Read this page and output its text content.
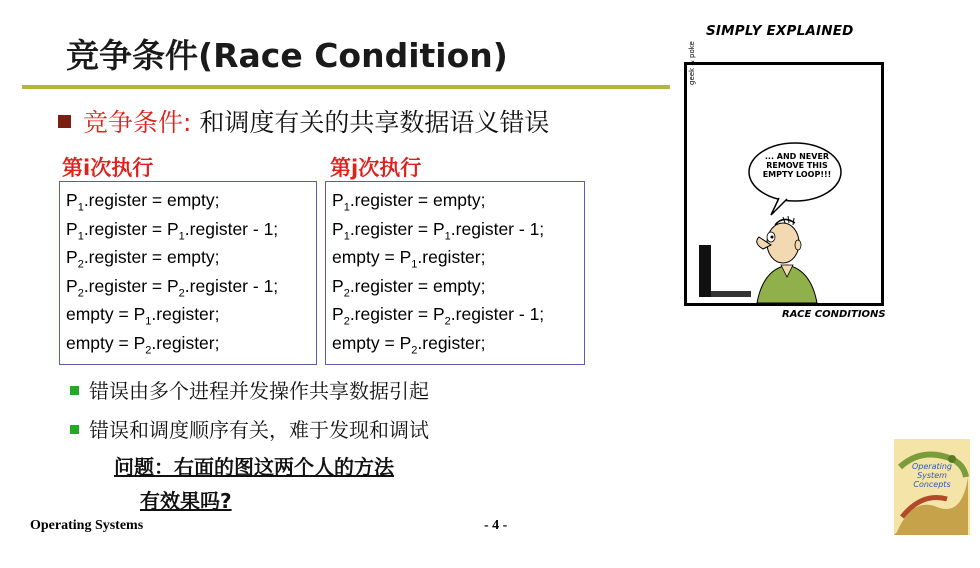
竞争条件(Race Condition)
竞争条件: 和调度有关的共享数据语义错误
第i次执行	第j次执行
$P_1.register$ = empty;
$P_1.register$ = $P_1.register - 1$;
$P_2.register$ = empty;
$P_2.register$ = $P_2.register - 1$;
empty = $P_1.register$;
empty = $P_2.register$;
$P_1.register$ = empty;
$P_1.register$ = $P_1.register - 1$;
empty = $P_1.register$;
$P_2.register$ = empty;
$P_2.register$ = $P_2.register - 1$;
empty = $P_2.register$;
错误由多个进程并发操作共享数据引起
错误和调度顺序有关，难于发现和调试
问题：右面的图这两个人的方法
有效果吗?
Operating Systems	- 4 -
SIMPLY EXPLAINED
geek & poke
... AND NEVER REMOVE THIS EMPTY LOOP!!!
RACE CONDITIONS
Operating System Concepts
